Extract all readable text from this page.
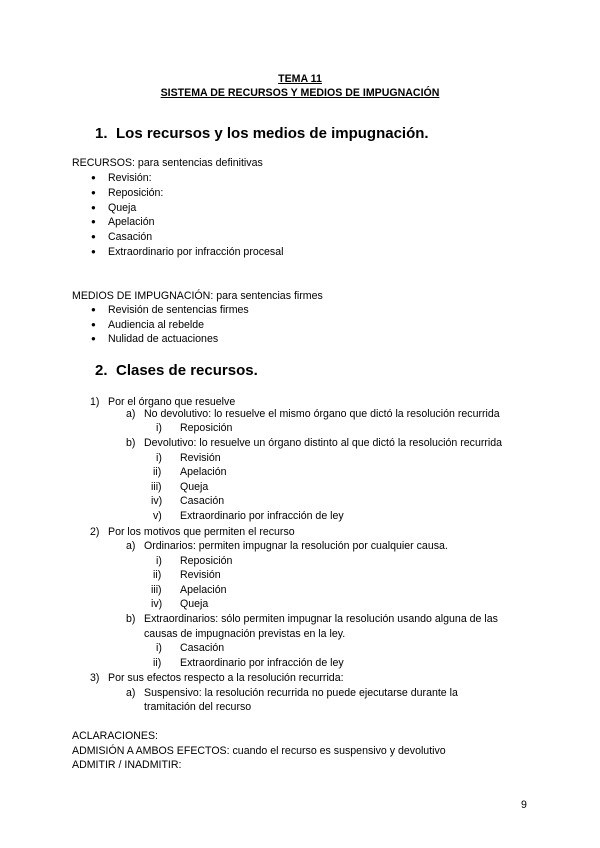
TEMA 11
SISTEMA DE RECURSOS Y MEDIOS DE IMPUGNACIÓN
1. Los recursos y los medios de impugnación.
RECURSOS: para sentencias definitivas
● Revisión:
● Reposición:
● Queja
● Apelación
● Casación
● Extraordinario por infracción procesal
MEDIOS DE IMPUGNACIÓN: para sentencias firmes
● Revisión de sentencias firmes
● Audiencia al rebelde
● Nulidad de actuaciones
2. Clases de recursos.
1) Por el órgano que resuelve
a) No devolutivo: lo resuelve el mismo órgano que dictó la resolución recurrida
i) Reposición
b) Devolutivo: lo resuelve un órgano distinto al que dictó la resolución recurrida
i) Revisión
ii) Apelación
iii) Queja
iv) Casación
v) Extraordinario por infracción de ley
2) Por los motivos que permiten el recurso
a) Ordinarios: permiten impugnar la resolución por cualquier causa.
i) Reposición
ii) Revisión
iii) Apelación
iv) Queja
b) Extraordinarios: sólo permiten impugnar la resolución usando alguna de las
causas de impugnación previstas en la ley.
i) Casación
ii) Extraordinario por infracción de ley
3) Por sus efectos respecto a la resolución recurrida:
a) Suspensivo: la resolución recurrida no puede ejecutarse durante la
tramitación del recurso
ACLARACIONES:
ADMISIÓN A AMBOS EFECTOS: cuando el recurso es suspensivo y devolutivo
ADMITIR / INADMITIR:
9
